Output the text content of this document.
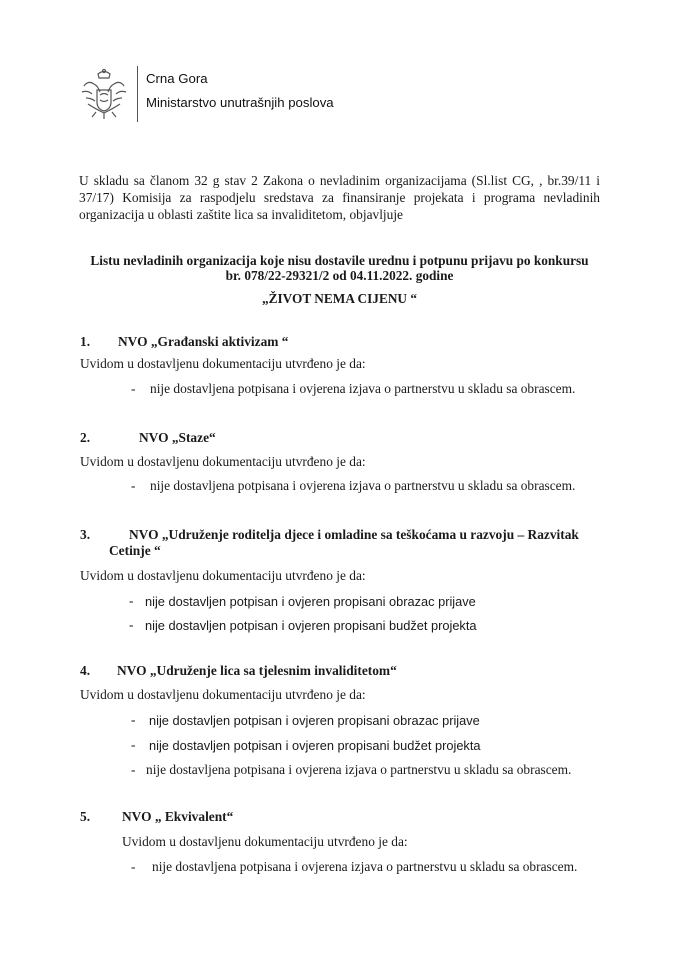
Crna Gora
Ministarstvo unutrašnjih poslova
U skladu sa članom 32 g stav 2 Zakona o nevladinim organizacijama (Sl.list CG, , br.39/11 i 37/17) Komisija za raspodjelu sredstava za finansiranje projekata i programa nevladinih organizacija u oblasti zaštite lica sa invaliditetom, objavljuje
Listu nevladinih organizacija koje nisu dostavile urednu i potpunu prijavu po konkursu
br. 078/22-29321/2 od 04.11.2022. godine
„ŽIVOT NEMA CIJENU “
1. NVO „Građanski aktivizam “
Uvidom u dostavljenu dokumentaciju utvrđeno je da:
- nije dostavljena potpisana i ovjerena izjava o partnerstvu u skladu sa obrascem.
2.	NVO „Staze“
Uvidom u dostavljenu dokumentaciju utvrđeno je da:
- nije dostavljena potpisana i ovjerena izjava o partnerstvu u skladu sa obrascem.
3.	NVO „Udruženje roditelja djece i omladine sa teškoćama u razvoju – Razvitak
Cetinje “
Uvidom u dostavljenu dokumentaciju utvrđeno je da:
- nije dostavljen potpisan i ovjeren propisani obrazac prijave
- nije dostavljen potpisan i ovjeren propisani budžet projekta
4. NVO „Udruženje lica sa tjelesnim invaliditetom“
Uvidom u dostavljenu dokumentaciju utvrđeno je da:
- nije dostavljen potpisan i ovjeren propisani obrazac prijave
- nije dostavljen potpisan i ovjeren propisani budžet projekta
- nije dostavljena potpisana i ovjerena izjava o partnerstvu u skladu sa obrascem.
5. NVO „ Ekvivalent“
Uvidom u dostavljenu dokumentaciju utvrđeno je da:
- nije dostavljena potpisana i ovjerena izjava o partnerstvu u skladu sa obrascem.
